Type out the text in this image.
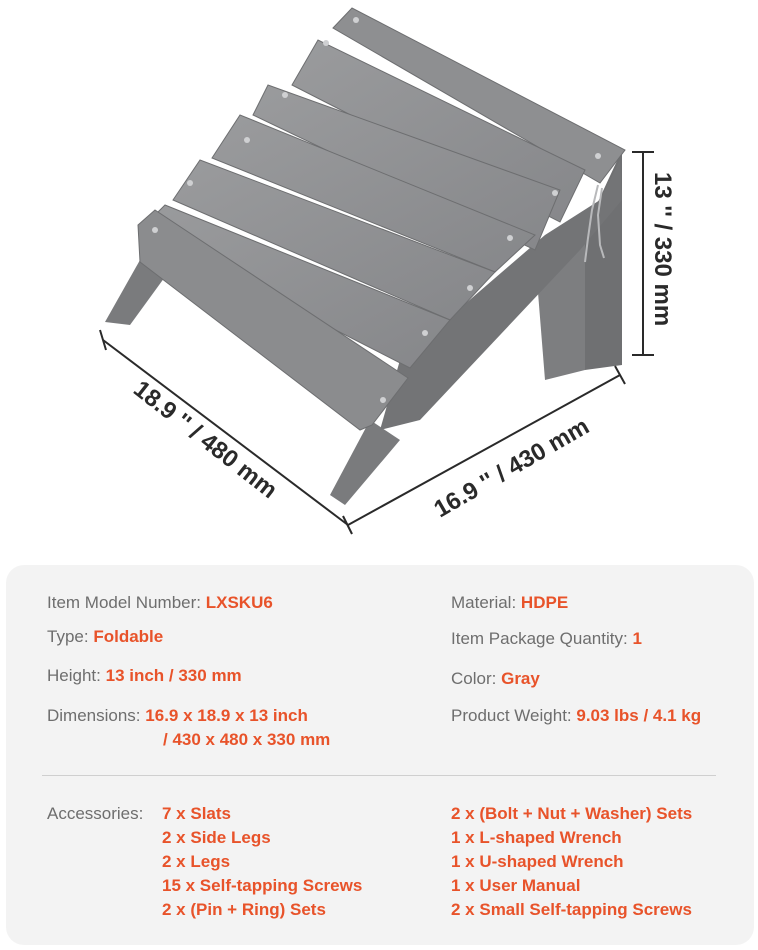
13 '' / 330 mm
16.9 '' / 430 mm
18.9 '' / 480 mm
Item Model Number: LXSKU6
Type: Foldable
Height: 13 inch / 330 mm
Dimensions: 16.9 x 18.9 x 13 inch
/ 430 x 480 x 330 mm
Material: HDPE
Item Package Quantity: 1
Color: Gray
Product Weight: 9.03 lbs / 4.1 kg
Accessories: 7 x Slats
2 x Side Legs
2 x Legs
15 x Self-tapping Screws
2 x (Pin + Ring) Sets
2 x (Bolt + Nut + Washer) Sets
1 x L-shaped Wrench
1 x U-shaped Wrench
1 x User Manual
2 x Small Self-tapping Screws
